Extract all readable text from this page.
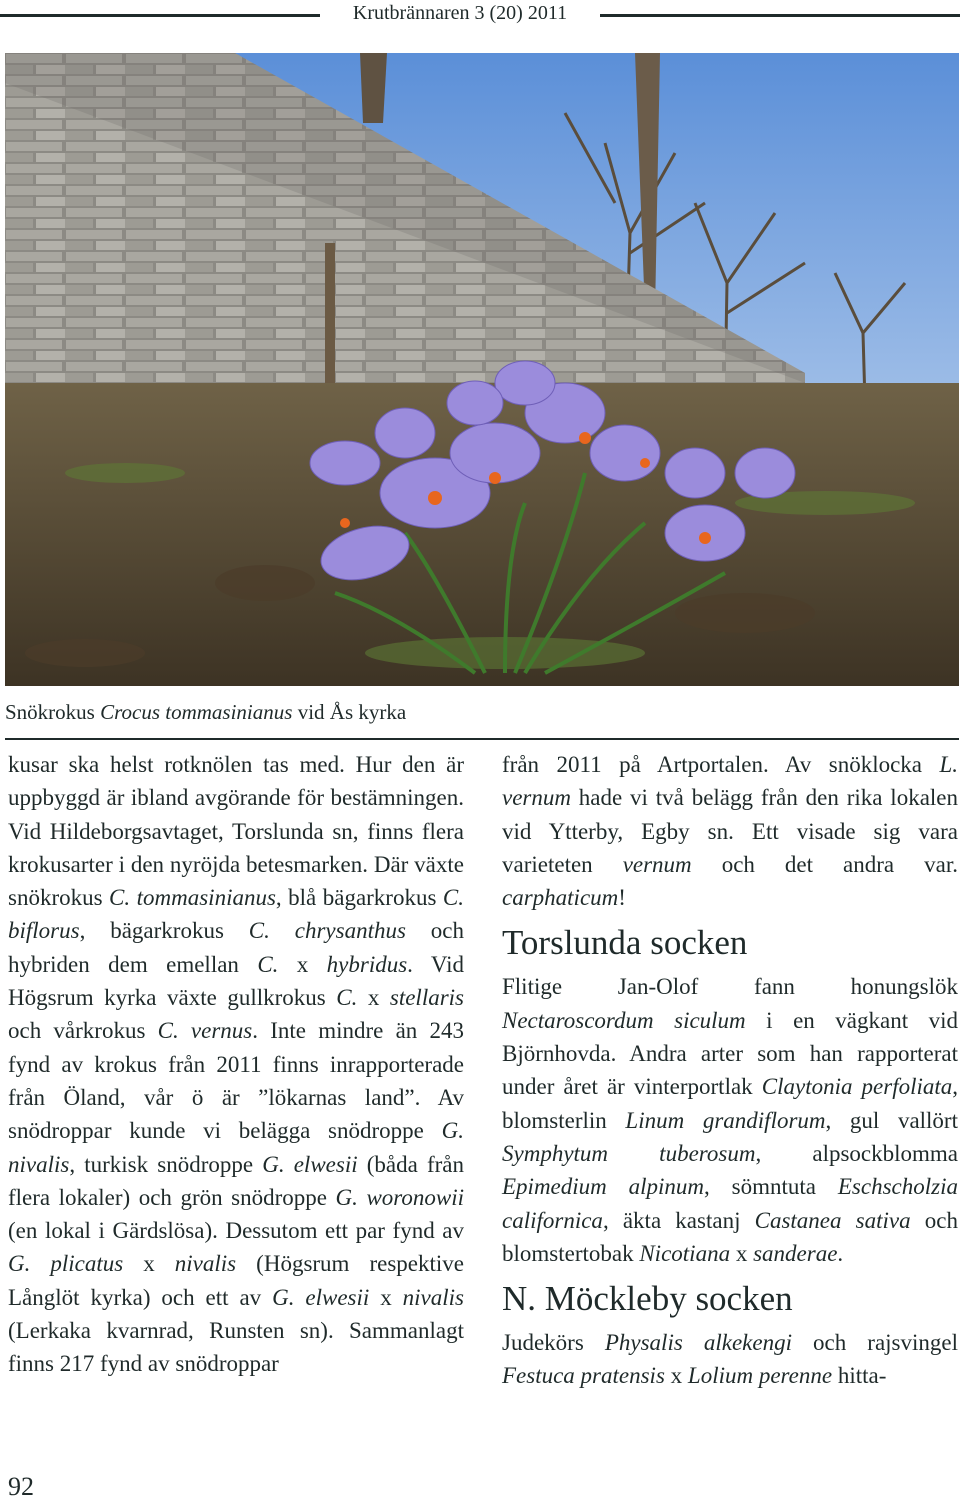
Krutbrännaren 3 (20) 2011
Snökrokus Crocus tommasinianus vid Ås kyrka

kusar ska helst rotknölen tas med. Hur den är uppbyggd är ibland avgörande för bestämningen. Vid Hildeborgsavtaget, Torslunda sn, finns flera krokusarter i den nyröjda betesmarken. Där växte snökrokus C. tommasinianus, blå bägarkrokus C. biflorus, bägarkrokus C. chrysanthus och hybriden dem emellan C. x hybridus. Vid Högsrum kyrka växte gullkrokus C. x stellaris och vårkrokus C. vernus. Inte mindre än 243 fynd av krokus från 2011 finns inrapporterade från Öland, vår ö är ”lökarnas land”. Av snödroppar kunde vi belägga snödroppe G. nivalis, turkisk snödroppe G. elwesii (båda från flera lokaler) och grön snödroppe G. woronowii (en lokal i Gärdslösa). Dessutom ett par fynd av G. plicatus x nivalis (Högsrum respektive Långlöt kyrka) och ett av G. elwesii x nivalis (Lerkaka kvarnrad, Runsten sn). Sammanlagt finns 217 fynd av snödroppar

från 2011 på Artportalen. Av snöklocka L. vernum hade vi två belägg från den rika lokalen vid Ytterby, Egby sn. Ett visade sig vara varieteten vernum och det andra var. carphaticum!

Torslunda socken

Flitige Jan-Olof fann honungslök Nectaroscordum siculum i en vägkant vid Björnhovda. Andra arter som han rapporterat under året är vinterportlak Claytonia perfoliata, blomsterlin Linum grandiflorum, gul vallört Symphytum tuberosum, alpsockblomma Epimedium alpinum, sömntuta Eschscholzia californica, äkta kastanj Castanea sativa och blomstertobak Nicotiana x sanderae.

N. Möckleby socken

Judekörs Physalis alkekengi och rajsvingel Festuca pratensis x Lolium perenne hitta-

92
